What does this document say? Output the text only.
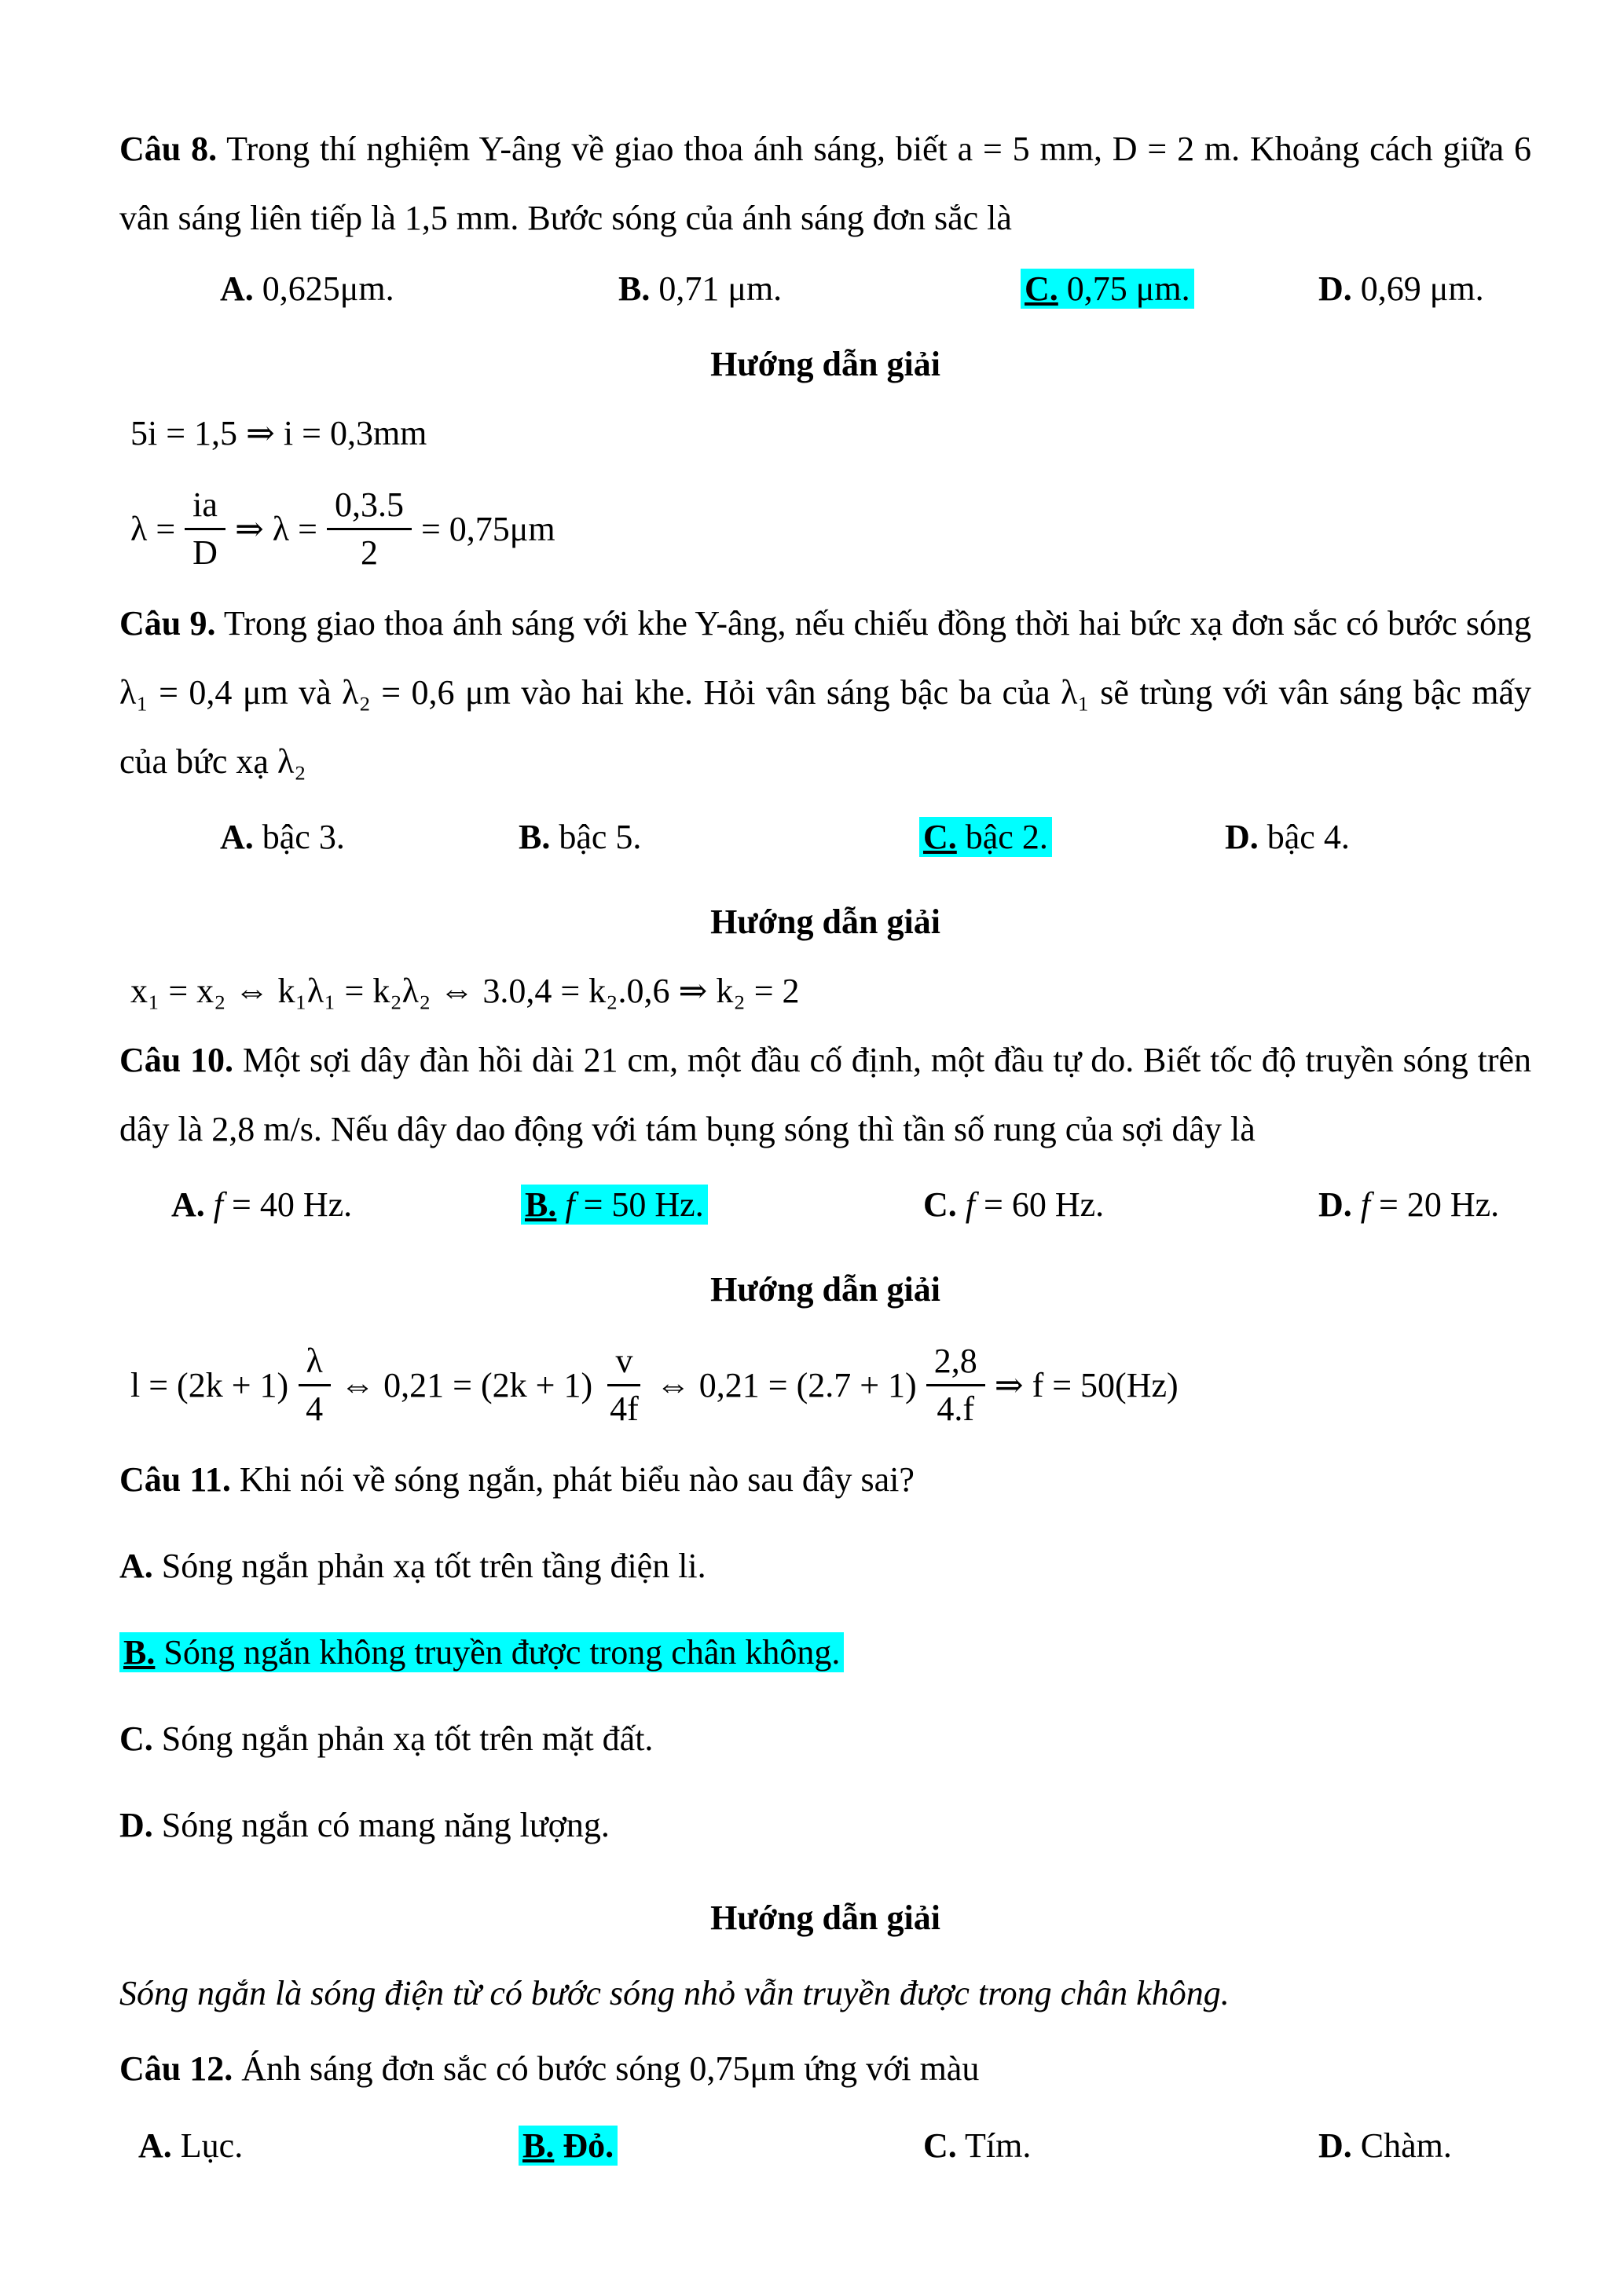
Câu 8. Trong thí nghiệm Y-âng về giao thoa ánh sáng, biết a = 5 mm, D = 2 m. Khoảng cách giữa 6 vân sáng liên tiếp là 1,5 mm. Bước sóng của ánh sáng đơn sắc là

A. 0,625μm.	B. 0,71 μm.	C. 0,75 μm.	D. 0,69 μm.

Hướng dẫn giải

5i = 1,5 ⇒ i = 0,3mm

$\lambda = \frac{ia}{D}$ ⇒ $\lambda = \frac{0,3.5}{2} = 0,75\mu m$

Câu 9. Trong giao thoa ánh sáng với khe Y-âng, nếu chiếu đồng thời hai bức xạ đơn sắc có bước sóng λ₁ = 0,4 μm và λ₂ = 0,6 μm vào hai khe. Hỏi vân sáng bậc ba của λ₁ sẽ trùng với vân sáng bậc mấy của bức xạ λ₂

A. bậc 3.	B. bậc 5.	C. bậc 2.	D. bậc 4.

Hướng dẫn giải

x₁ = x₂ ⇔ k₁λ₁ = k₂λ₂ ⇔ 3.0,4 = k₂.0,6 ⇒ k₂ = 2

Câu 10. Một sợi dây đàn hồi dài 21 cm, một đầu cố định, một đầu tự do. Biết tốc độ truyền sóng trên dây là 2,8 m/s. Nếu dây dao động với tám bụng sóng thì tần số rung của sợi dây là

A. f = 40 Hz.	B. f = 50 Hz.	C. f = 60 Hz.	D. f = 20 Hz.

Hướng dẫn giải

$l = (2k + 1) \frac{\lambda}{4}$ ⇔ $0,21 = (2k + 1) \frac{v}{4f}$ ⇔ $0,21 = (2.7 + 1) \frac{2,8}{4.f}$ ⇒ f = 50(Hz)

Câu 11. Khi nói về sóng ngắn, phát biểu nào sau đây sai?

A. Sóng ngắn phản xạ tốt trên tầng điện li.

B. Sóng ngắn không truyền được trong chân không.

C. Sóng ngắn phản xạ tốt trên mặt đất.

D. Sóng ngắn có mang năng lượng.

Hướng dẫn giải

Sóng ngắn là sóng điện từ có bước sóng nhỏ vẫn truyền được trong chân không.

Câu 12. Ánh sáng đơn sắc có bước sóng 0,75μm ứng với màu

A. Lục.	B. Đỏ.	C. Tím.	D. Chàm.
